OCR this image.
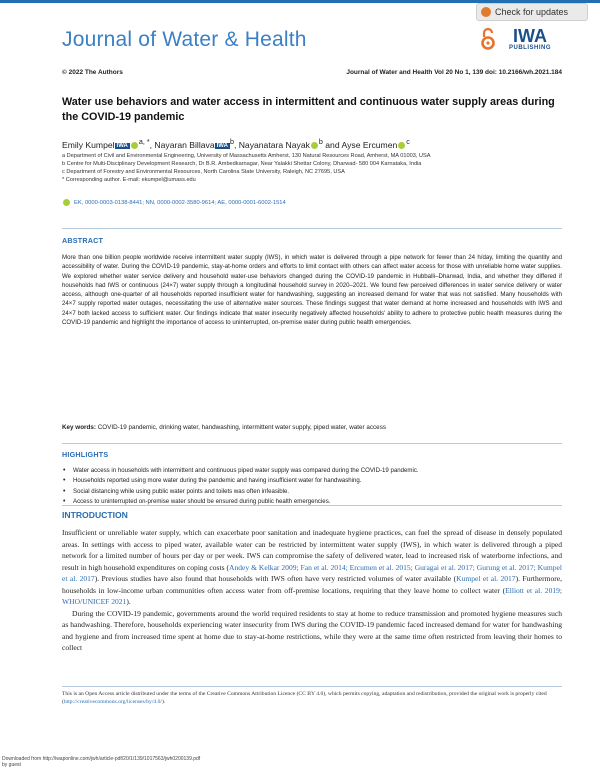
Journal of Water & Health
Check for updates
IWA
PUBLISHING
© 2022 The Authors	Journal of Water and Health Vol 20 No 1, 139 doi: 10.2166/wh.2021.184
Water use behaviors and water access in intermittent and continuous water supply areas during the COVID-19 pandemic
Emily Kumpel IWA $^{a, *}$, Nayaran Billava IWA $^b$, Nayanatara Nayak $^b$ and Ayse Ercumen $^c$
a Department of Civil and Environmental Engineering, University of Massachusetts Amherst, 130 Natural Resources Road, Amherst, MA 01003, USA
b Centre for Multi-Disciplinary Development Research, Dr B.R. Ambedkarnagar, Near Yalakki Shettar Colony, Dharwad- 580 004 Karnataka, India
c Department of Forestry and Environmental Resources, North Carolina State University, Raleigh, NC 27695, USA
* Corresponding author. E-mail: ekumpel@umass.edu
EK, 0000-0003-0138-8441; NN, 0000-0002-3580-9614; AE, 0000-0001-6002-1514
ABSTRACT
More than one billion people worldwide receive intermittent water supply (IWS), in which water is delivered through a pipe network for fewer than 24 h/day, limiting the quantity and accessibility of water. During the COVID-19 pandemic, stay-at-home orders and efforts to limit contact with others can affect water access for those with unreliable home water supplies. We explored whether water service delivery and household water-use behaviors changed during the COVID-19 pandemic in Hubballi–Dharwad, India, and whether they differed if households had IWS or continuous (24×7) water supply through a longitudinal household survey in 2020–2021. We found few perceived differences in water service delivery or water access, although one-quarter of all households reported insufficient water for handwashing, suggesting an increased demand for water that was not satisfied. Many households with 24×7 supply reported water outages, necessitating the use of alternative water sources. These findings suggest that water demand at home increased and households with IWS and 24×7 both lacked access to sufficient water. Our findings indicate that water insecurity negatively affected households' ability to adhere to protective public health measures during the COVID-19 pandemic and highlight the importance of access to uninterrupted, on-premise water during public health emergencies.
Key words: COVID-19 pandemic, drinking water, handwashing, intermittent water supply, piped water, water access
HIGHLIGHTS
• Water access in households with intermittent and continuous piped water supply was compared during the COVID-19 pandemic.
• Households reported using more water during the pandemic and having insufficient water for handwashing.
• Social distancing while using public water points and toilets was often infeasible.
• Access to uninterrupted on-premise water should be ensured during public health emergencies.
INTRODUCTION

Insufficient or unreliable water supply, which can exacerbate poor sanitation and inadequate hygiene practices, can fuel the spread of disease in densely populated areas. In settings with access to piped water, available water can be restricted by intermittent water supply (IWS), in which water is delivered through a piped network for a limited number of hours per day or per week. IWS can compromise the safety of delivered water, lead to increased risk of waterborne infections, and result in high household expenditures on coping costs (Andey & Kelkar 2009; Fan et al. 2014; Ercumen et al. 2015; Guragai et al. 2017; Gurung et al. 2017; Kumpel et al. 2017). Previous studies have also found that households with IWS often have very restricted volumes of water available (Kumpel et al. 2017). Furthermore, households in low-income urban communities often access water from off-premise locations, requiring that they leave home to collect water (Elliott et al. 2019; WHO/UNICEF 2021).

During the COVID-19 pandemic, governments around the world required residents to stay at home to reduce transmission and promoted hygiene measures such as handwashing. Therefore, households experiencing water insecurity from IWS during the COVID-19 pandemic faced increased demand for water for handwashing and hygiene and from increased time spent at home due to stay-at-home restrictions, while they were at the same time often restricted from leaving their homes to collect

This is an Open Access article distributed under the terms of the Creative Commons Attribution Licence (CC BY 4.0), which permits copying, adaptation and redistribution, provided the original work is properly cited (http://creativecommons.org/licenses/by/4.0/).
Downloaded from http://iwaponline.com/jwh/article-pdf/20/1/139/1017563/jwh0200139.pdf
by guest
